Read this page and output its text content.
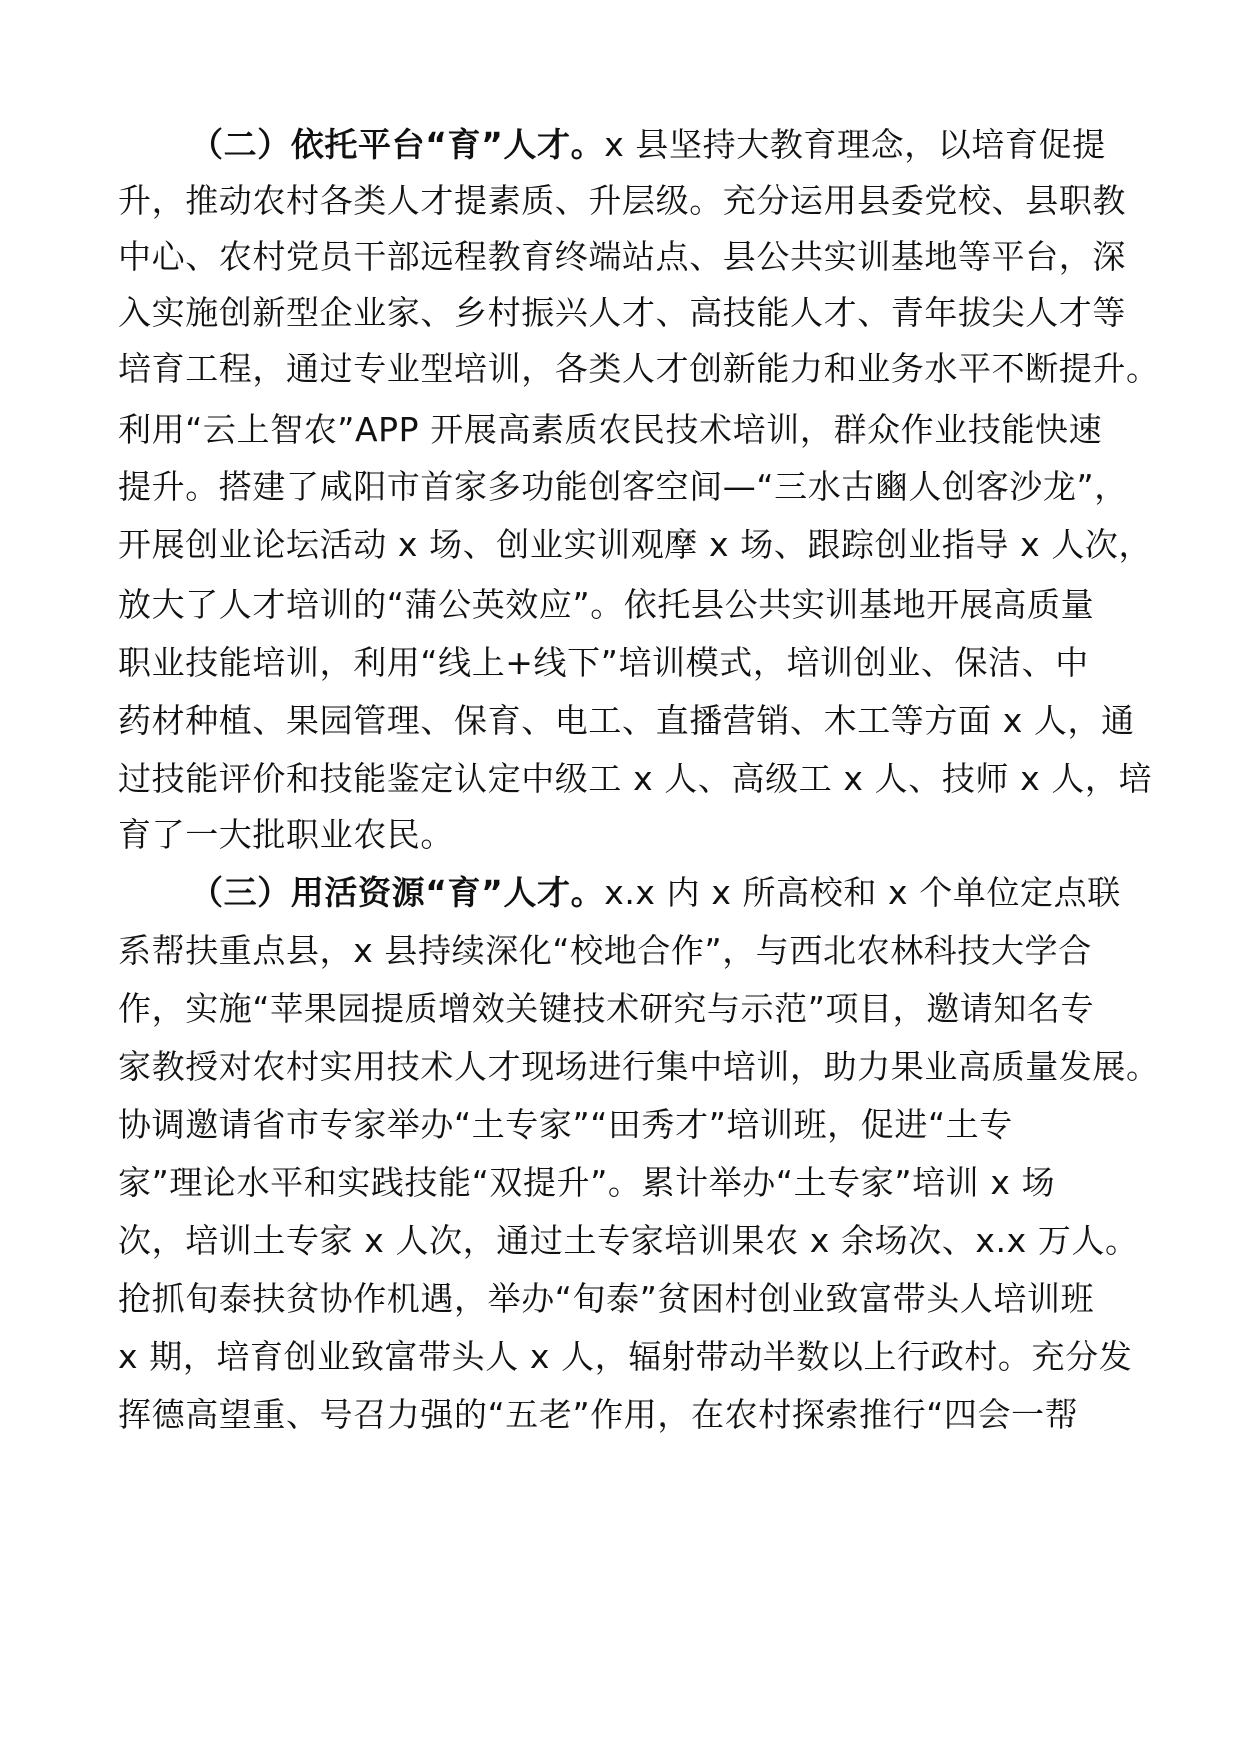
（二）依托平台“育”人才。x 县坚持大教育理念，以培育促提
升，推动农村各类人才提素质、升层级。充分运用县委党校、县职教
中心、农村党员干部远程教育终端站点、县公共实训基地等平台，深
入实施创新型企业家、乡村振兴人才、高技能人才、青年拔尖人才等
培育工程，通过专业型培训，各类人才创新能力和业务水平不断提升。
利用“云上智农”APP 开展高素质农民技术培训，群众作业技能快速
提升。搭建了咸阳市首家多功能创客空间—“三水古豳人创客沙龙”，
开展创业论坛活动 x 场、创业实训观摩 x 场、跟踪创业指导 x 人次，
放大了人才培训的“蒲公英效应”。依托县公共实训基地开展高质量
职业技能培训，利用“线上+线下”培训模式，培训创业、保洁、中
药材种植、果园管理、保育、电工、直播营销、木工等方面 x 人，通
过技能评价和技能鉴定认定中级工 x 人、高级工 x 人、技师 x 人，培
育了一大批职业农民。
（三）用活资源“育”人才。x.x 内 x 所高校和 x 个单位定点联
系帮扶重点县，x 县持续深化“校地合作”，与西北农林科技大学合
作，实施“苹果园提质增效关键技术研究与示范”项目，邀请知名专
家教授对农村实用技术人才现场进行集中培训，助力果业高质量发展。
协调邀请省市专家举办“土专家”“田秀才”培训班，促进“土专
家”理论水平和实践技能“双提升”。累计举办“土专家”培训 x 场
次，培训土专家 x 人次，通过土专家培训果农 x 余场次、x.x 万人。
抢抓旬泰扶贫协作机遇，举办“旬泰”贫困村创业致富带头人培训班
x 期，培育创业致富带头人 x 人，辐射带动半数以上行政村。充分发
挥德高望重、号召力强的“五老”作用，在农村探索推行“四会一帮
